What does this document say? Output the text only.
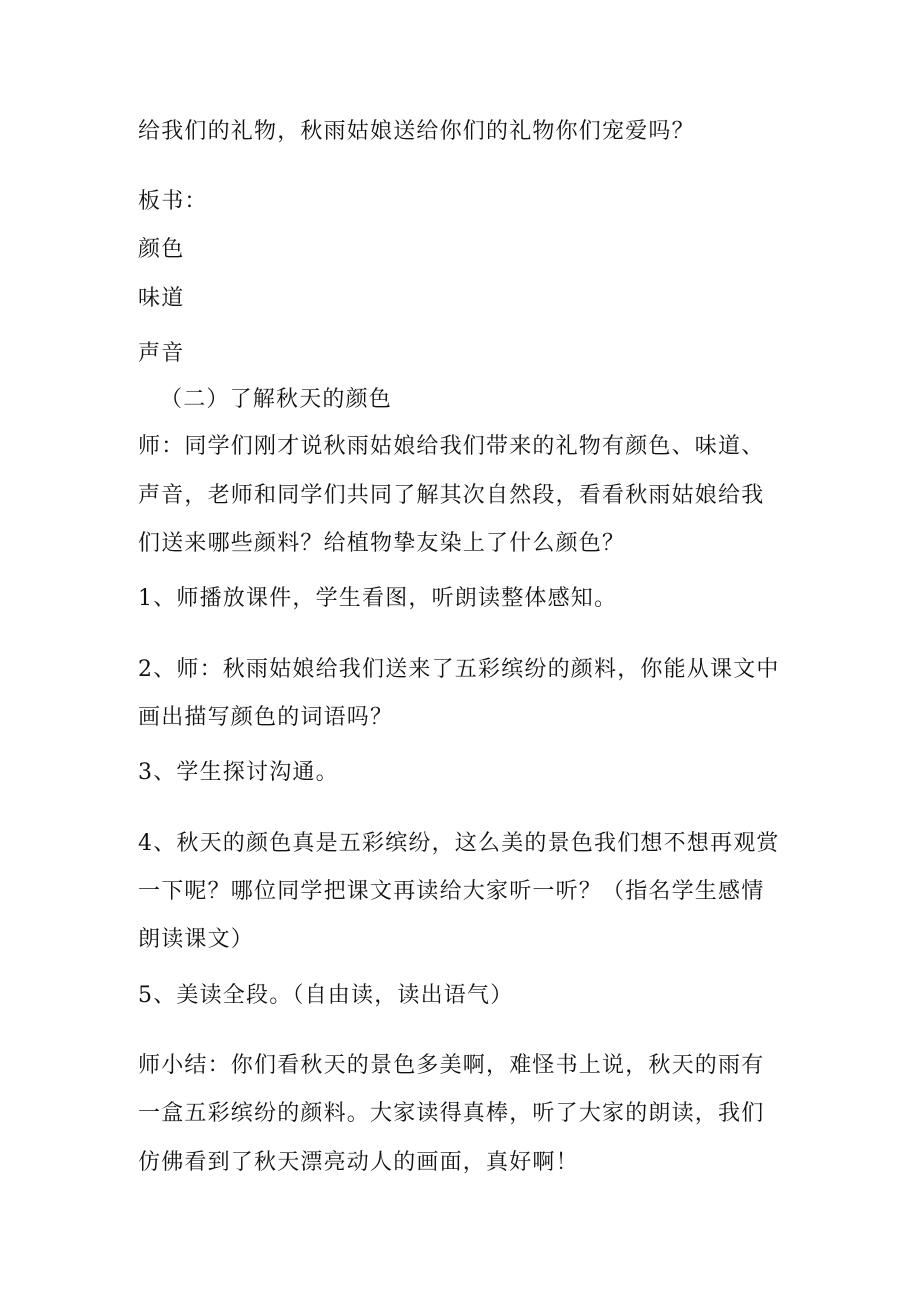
给我们的礼物，秋雨姑娘送给你们的礼物你们宠爱吗？
板书：
颜色
味道
声音
（二）了解秋天的颜色
师：同学们刚才说秋雨姑娘给我们带来的礼物有颜色、味道、
声音，老师和同学们共同了解其次自然段，看看秋雨姑娘给我
们送来哪些颜料？给植物挚友染上了什么颜色？
1、师播放课件，学生看图，听朗读整体感知。
2、师：秋雨姑娘给我们送来了五彩缤纷的颜料，你能从课文中
画出描写颜色的词语吗？
3、学生探讨沟通。
4、秋天的颜色真是五彩缤纷，这么美的景色我们想不想再观赏
一下呢？哪位同学把课文再读给大家听一听？（指名学生感情
朗读课文）
5、美读全段。（自由读，读出语气）
师小结：你们看秋天的景色多美啊，难怪书上说，秋天的雨有
一盒五彩缤纷的颜料。大家读得真棒，听了大家的朗读，我们
仿佛看到了秋天漂亮动人的画面，真好啊！
